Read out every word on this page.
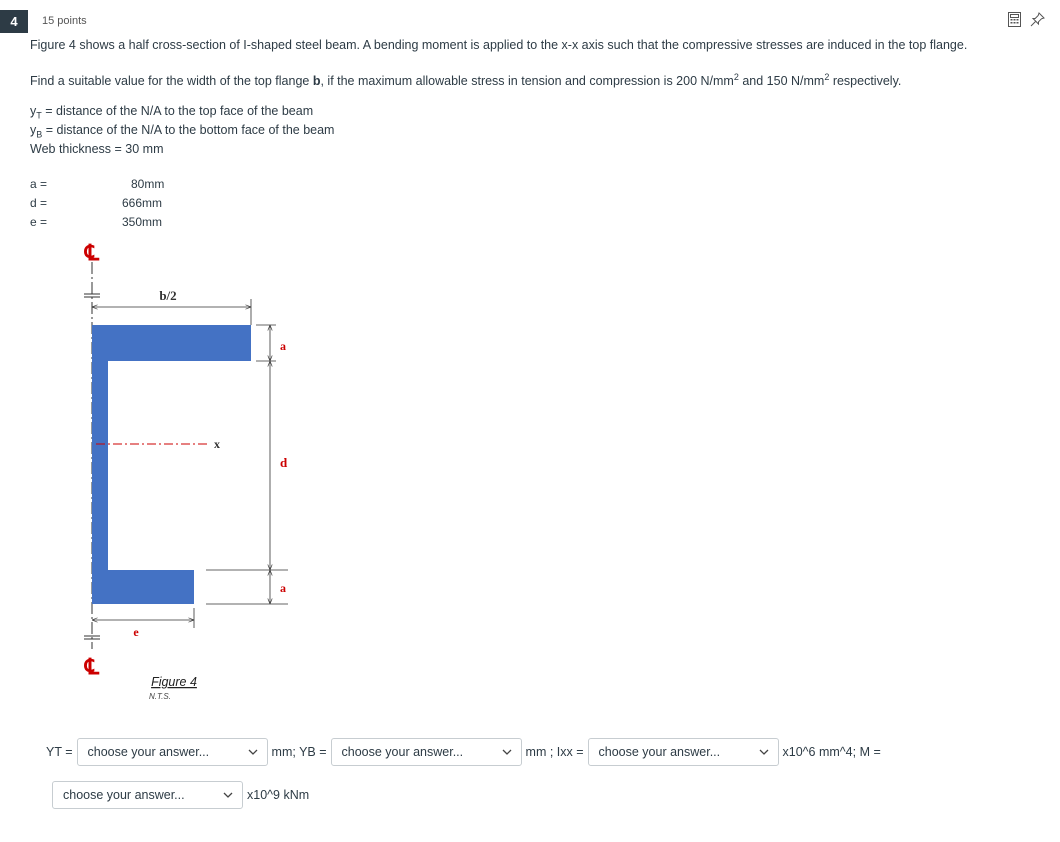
4	15 points
Figure 4 shows a half cross-section of I-shaped steel beam. A bending moment is applied to the x-x axis such that the compressive stresses are induced in the top flange.
Find a suitable value for the width of the top flange b, if the maximum allowable stress in tension and compression is 200 $N/mm^2$ and 150 $N/mm^2$ respectively.
$y_T$ = distance of the N/A to the top face of the beam
$y_B$ = distance of the N/A to the bottom face of the beam
Web thickness = 30 mm
a =	80mm
d =	666mm
e =	350mm
℄
℄
x
b/2
a
d
a
e
Figure 4
N.T.S.
YT =	choose your answer...	mm; YB =	choose your answer...	mm ; Ixx =	choose your answer...	x10^6 mm^4; M =
choose your answer...	x10^9 kNm
